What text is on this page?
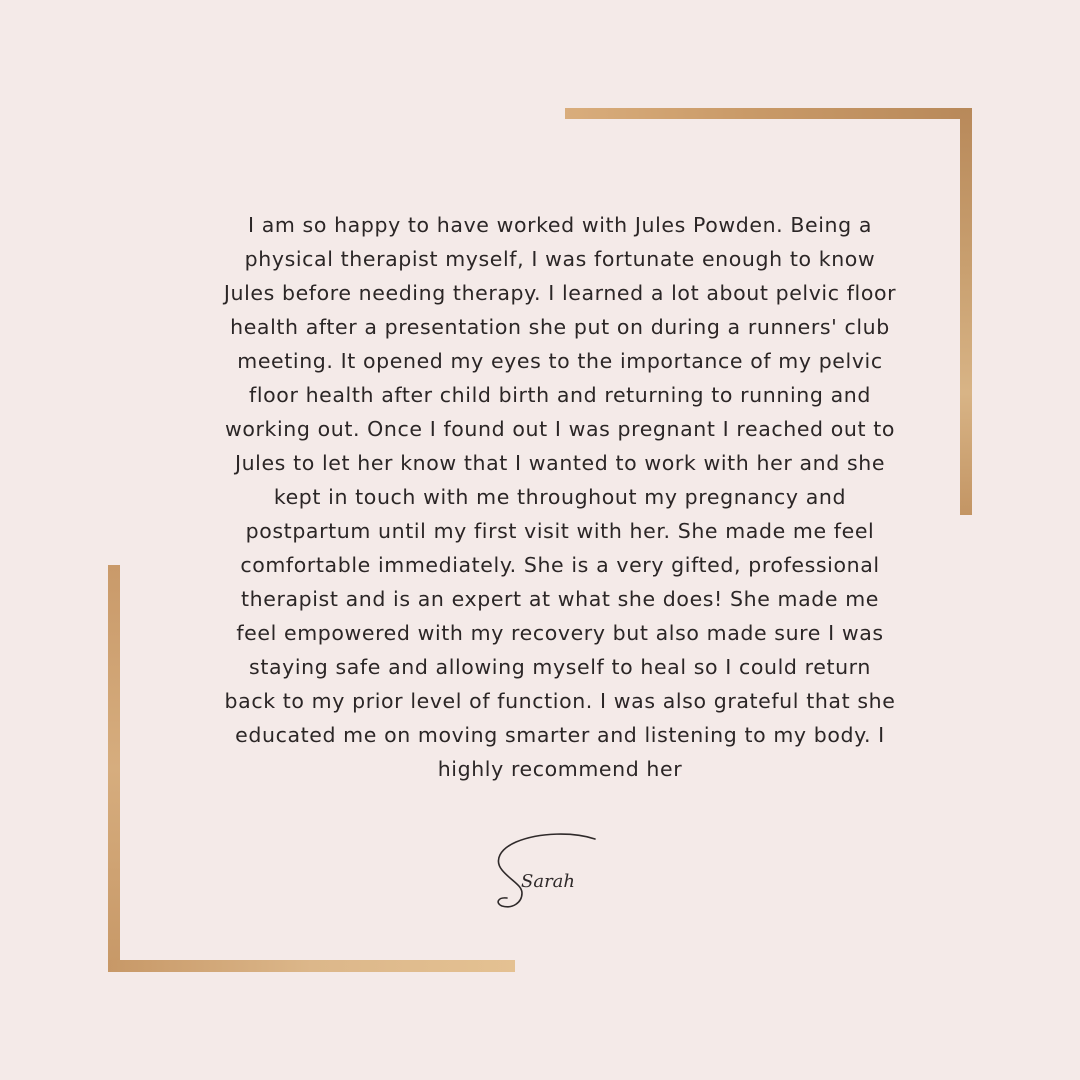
I am so happy to have worked with Jules Powden. Being a physical therapist myself, I was fortunate enough to know Jules before needing therapy. I learned a lot about pelvic floor health after a presentation she put on during a runners' club meeting. It opened my eyes to the importance of my pelvic floor health after child birth and returning to running and working out. Once I found out I was pregnant I reached out to Jules to let her know that I wanted to work with her and she kept in touch with me throughout my pregnancy and postpartum until my first visit with her. She made me feel comfortable immediately. She is a very gifted, professional therapist and is an expert at what she does! She made me feel empowered with my recovery but also made sure I was staying safe and allowing myself to heal so I could return back to my prior level of function. I was also grateful that she educated me on moving smarter and listening to my body. I highly recommend her

Sarah
